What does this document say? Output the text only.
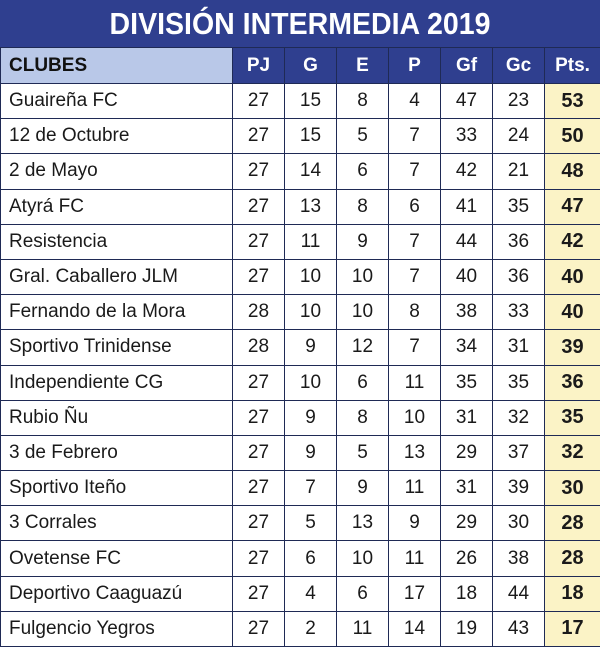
DIVISIÓN INTERMEDIA 2019
CLUBES	PJ	G	E	P	Gf	Gc	Pts.
Guaireña FC	27	15	8	4	47	23	53
12 de Octubre	27	15	5	7	33	24	50
2 de Mayo	27	14	6	7	42	21	48
Atyrá FC	27	13	8	6	41	35	47
Resistencia	27	11	9	7	44	36	42
Gral. Caballero JLM	27	10	10	7	40	36	40
Fernando de la Mora	28	10	10	8	38	33	40
Sportivo Trinidense	28	9	12	7	34	31	39
Independiente CG	27	10	6	11	35	35	36
Rubio Ñu	27	9	8	10	31	32	35
3 de Febrero	27	9	5	13	29	37	32
Sportivo Iteño	27	7	9	11	31	39	30
3 Corrales	27	5	13	9	29	30	28
Ovetense FC	27	6	10	11	26	38	28
Deportivo Caaguazú	27	4	6	17	18	44	18
Fulgencio Yegros	27	2	11	14	19	43	17
